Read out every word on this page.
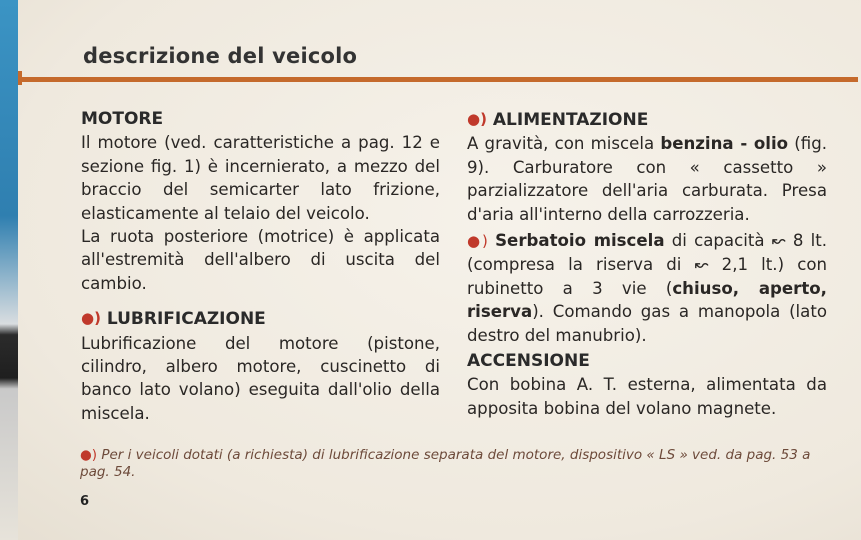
descrizione del veicolo

MOTORE

Il motore (ved. caratteristiche a pag. 12 e sezione fig. 1) è incernierato, a mezzo del braccio del semicarter lato frizione, elasticamente al telaio del veicolo.

La ruota posteriore (motrice) è applicata all'estremità dell'albero di uscita del cambio.

●) LUBRIFICAZIONE

Lubrificazione del motore (pistone, cilindro, albero motore, cuscinetto di banco lato volano) eseguita dall'olio della miscela.

●) ALIMENTAZIONE

A gravità, con miscela benzina - olio (fig. 9). Carburatore con « cassetto » parzializzatore dell'aria carburata. Presa d'aria all'interno della carrozzeria.

●) Serbatoio miscela di capacità ↜ 8 lt. (compresa la riserva di ↜ 2,1 lt.) con rubinetto a 3 vie (chiuso, aperto, riserva). Comando gas a manopola (lato destro del manubrio).

ACCENSIONE

Con bobina A. T. esterna, alimentata da apposita bobina del volano magnete.

●) Per i veicoli dotati (a richiesta) di lubrificazione separata del motore, dispositivo « LS » ved. da pag. 53 a pag. 54.
6
